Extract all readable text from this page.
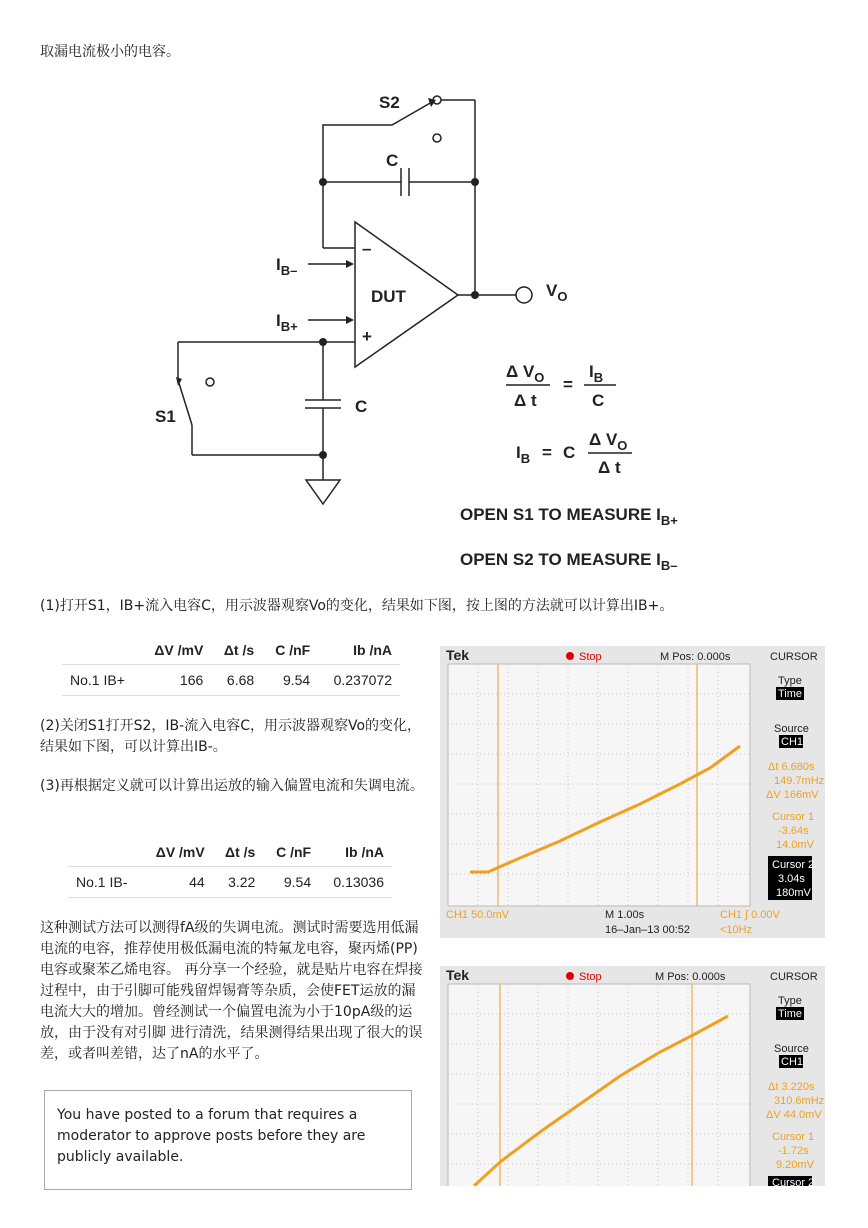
取漏电流极小的电容。
S2
C
$I_{B-}$
$I_{B+}$
–
+
DUT	$V_O$
S1
C
Δ $V_O$
Δ t
=
$I_B$
C
$I_B = C$
Δ $V_O$
Δ t
OPEN S1 TO MEASURE $I_{B+}$
OPEN S2 TO MEASURE $I_{B-}$
(1)打开S1，IB+流入电容C，用示波器观察Vo的变化，结果如下图，按上图的方法就可以计算出IB+。
	ΔV /mV	Δt /s	C /nF	Ib /nA
No.1 IB+	166	6.68	9.54	0.237072
(2)关闭S1打开S2，IB-流入电容C，用示波器观察Vo的变化，结果如下图，可以计算出IB-。
(3)再根据定义就可以计算出运放的输入偏置电流和失调电流。
	ΔV /mV	Δt /s	C /nF	Ib /nA
No.1 IB-	44	3.22	9.54	0.13036
这种测试方法可以测得fA级的失调电流。测试时需要选用低漏电流的电容，推荐使用极低漏电流的特氟龙电容，聚丙烯(PP)电容或聚苯乙烯电容。 再分享一个经验，就是贴片电容在焊接过程中，由于引脚可能残留焊锡膏等杂质，会使FET运放的漏电流大大的增加。曾经测试一个偏置电流为小于10pA级的运放，由于没有对引脚 进行清洗，结果测得结果出现了很大的误差，或者叫差错，达了nA的水平了。
You have posted to a forum that requires a moderator to approve posts before they are publicly available.
Tek	Stop	M Pos: 0.000s	CURSOR
Type
Time
Source
CH1
Δt 6.680s
149.7mHz
ΔV 166mV
Cursor 1
-3.64s
14.0mV
Cursor 2
3.04s
180mV
CH1 50.0mV	M 1.00s	CH1 ∫ 0.00V
16–Jan–13 00:52	<10Hz
Tek	Stop	M Pos: 0.000s	CURSOR
Type
Time
Source
CH1
Δt 3.220s
310.6mHz
ΔV 44.0mV
Cursor 1
-1.72s
9.20mV
Cursor 2
